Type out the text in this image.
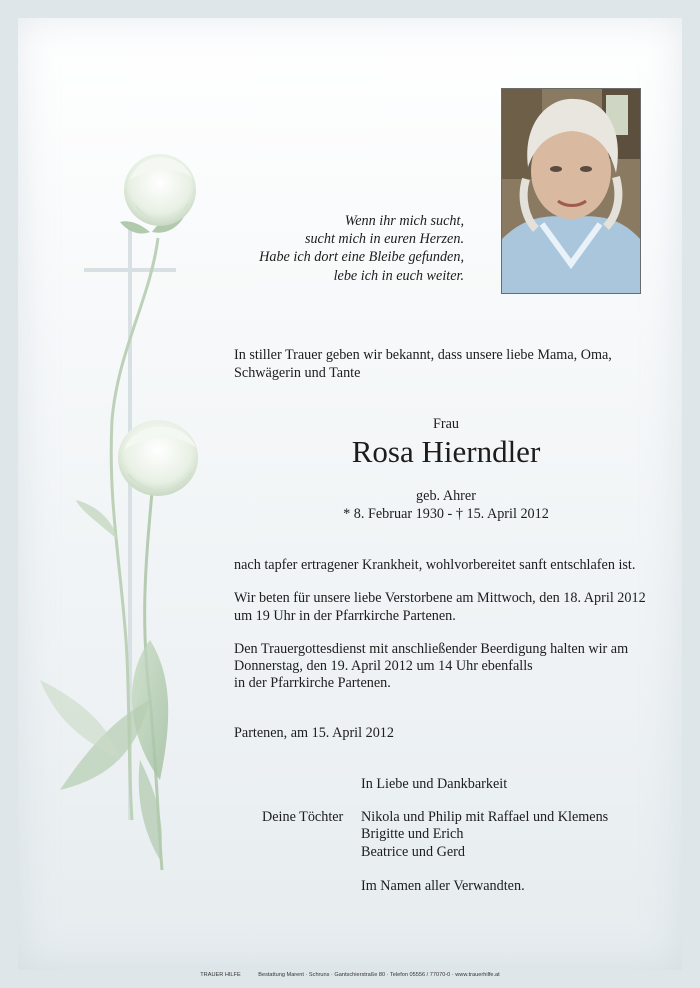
Wenn ihr mich sucht,
sucht mich in euren Herzen.
Habe ich dort eine Bleibe gefunden,
lebe ich in euch weiter.
In stiller Trauer geben wir bekannt, dass unsere liebe Mama, Oma,
Schwägerin und Tante
Frau
Rosa Hierndler
geb. Ahrer
* 8. Februar 1930 - † 15. April 2012
nach tapfer ertragener Krankheit, wohlvorbereitet sanft entschlafen ist.
Wir beten für unsere liebe Verstorbene am Mittwoch, den 18. April 2012
um 19 Uhr in der Pfarrkirche Partenen.
Den Trauergottesdienst mit anschließender Beerdigung halten wir am
Donnerstag, den 19. April 2012 um 14 Uhr ebenfalls
in der Pfarrkirche Partenen.
Partenen, am 15. April 2012
In Liebe und Dankbarkeit
Deine Töchter Nikola und Philip mit Raffael und Klemens
Brigitte und Erich
Beatrice und Gerd
Im Namen aller Verwandten.
TRAUER HILFE	Bestattung Marent · Schruns · Gantschierstraße 80 · Telefon 05556 / 77070-0 · www.trauerhilfe.at
